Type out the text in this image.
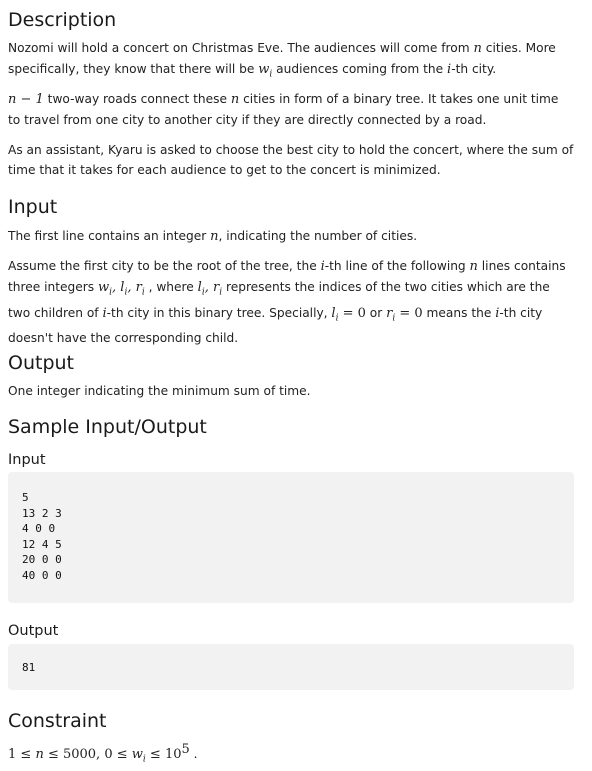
Description

Nozomi will hold a concert on Christmas Eve. The audiences will come from n cities. More specifically, they know that there will be $w_i$ audiences coming from the i-th city.

n − 1 two-way roads connect these n cities in form of a binary tree. It takes one unit time to travel from one city to another city if they are directly connected by a road.

As an assistant, Kyaru is asked to choose the best city to hold the concert, where the sum of time that it takes for each audience to get to the concert is minimized.

Input

The first line contains an integer n, indicating the number of cities.

Assume the first city to be the root of the tree, the i-th line of the following n lines contains three integers $w_i$, $l_i$, $r_i$ , where $l_i$, $r_i$ represents the indices of the two cities which are the two children of i-th city in this binary tree. Specially, $l_i = 0$ or $r_i = 0$ means the i-th city doesn't have the corresponding child.

Output

One integer indicating the minimum sum of time.

Sample Input/Output
Input
5
13 2 3
4 0 0
12 4 5
20 0 0
40 0 0
Output
81
Constraint

1 ≤ n ≤ 5000, $0 \le w_i \le 10^5$ .
